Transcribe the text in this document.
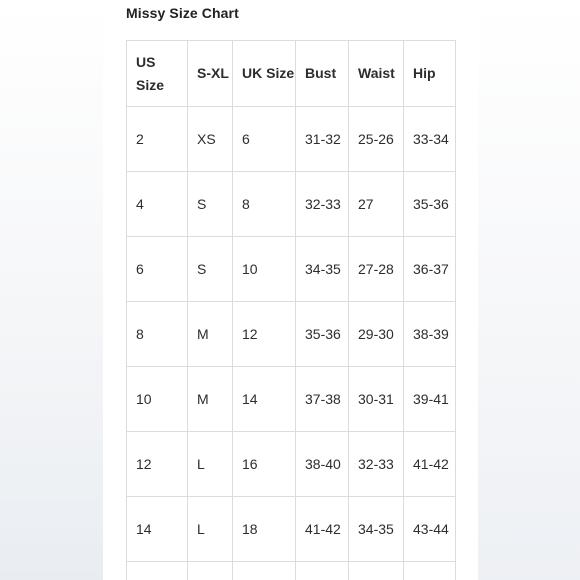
Missy Size Chart
US Size	S-XL	UK Size	Bust	Waist	Hip
2	XS	6	31-32	25-26	33-34
4	S	8	32-33	27	35-36
6	S	10	34-35	27-28	36-37
8	M	12	35-36	29-30	38-39
10	M	14	37-38	30-31	39-41
12	L	16	38-40	32-33	41-42
14	L	18	41-42	34-35	43-44
